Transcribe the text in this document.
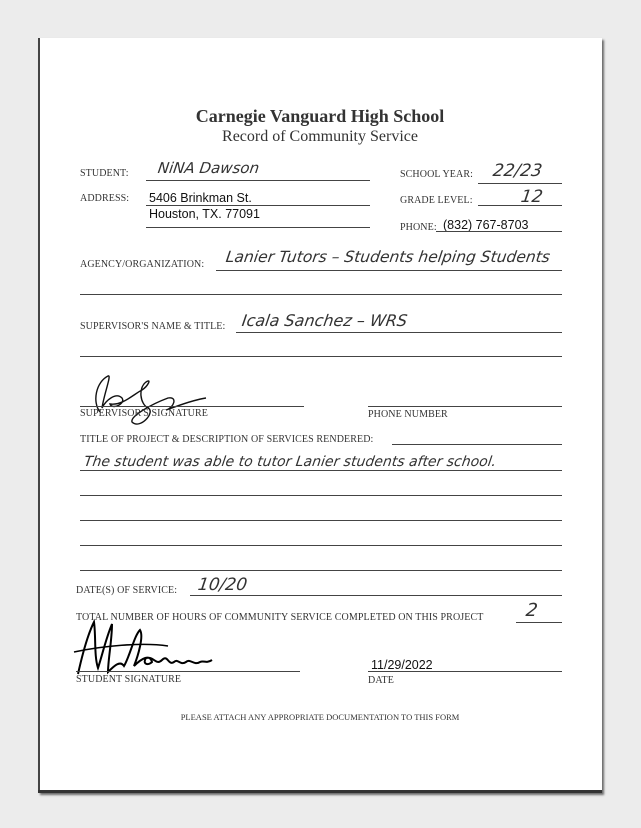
Carnegie Vanguard High School
Record of Community Service
STUDENT: NiNA Dawson	SCHOOL YEAR: 22/23
ADDRESS: 5406 Brinkman St.
Houston, TX. 77091
GRADE LEVEL:	12
PHONE: (832) 767-8703
AGENCY/ORGANIZATION: Lanier Tutors – Students helping Students
SUPERVISOR'S NAME & TITLE: Icala Sanchez – WRS
SUPERVISOR'S SIGNATURE	PHONE NUMBER
TITLE OF PROJECT & DESCRIPTION OF SERVICES RENDERED:
The student was able to tutor Lanier students after school.
DATE(S) OF SERVICE: 10/20
TOTAL NUMBER OF HOURS OF COMMUNITY SERVICE COMPLETED ON THIS PROJECT 2
STUDENT SIGNATURE
11/29/2022
DATE
PLEASE ATTACH ANY APPROPRIATE DOCUMENTATION TO THIS FORM
